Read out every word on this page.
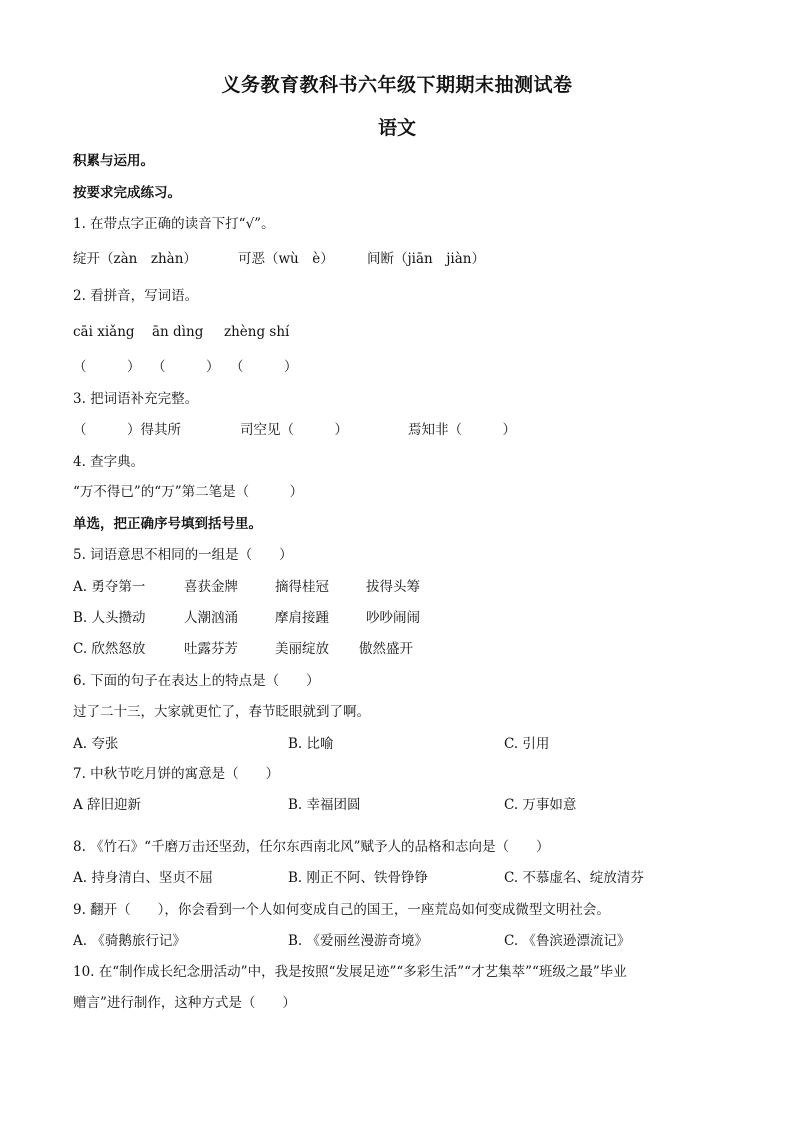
义务教育教科书六年级下期期末抽测试卷
语文
积累与运用。
按要求完成练习。
1. 在带点字正确的读音下打“√”。
绽开（zàn　zhàn）	可恶（wù　è） 间断（jiān　jiàn）
2. 看拼音，写词语。
cāi xiǎng ān dìng zhèng shí
（　　　） （　　　） （　　　）
3. 把词语补充完整。
（　　　）得其所	司空见（　　　）	焉知非（　　　）
4. 查字典。
“万不得已”的“万”第二笔是（　　　）
单选，把正确序号填到括号里。
5. 词语意思不相同的一组是（　　）
A. 勇夺第一	喜获金牌	摘得桂冠	拔得头筹
B. 人头攒动	人潮汹涌	摩肩接踵	吵吵闹闹
C. 欣然怒放	吐露芬芳	美丽绽放 傲然盛开
6. 下面的句子在表达上的特点是（　　）
过了二十三，大家就更忙了，春节眨眼就到了啊。
A. 夸张	B. 比喻	C. 引用
7. 中秋节吃月饼的寓意是（　　）
A 辞旧迎新	B. 幸福团圆	C. 万事如意
8. 《竹石》“千磨万击还坚劲，任尔东西南北风”赋予人的品格和志向是（　　）
A. 持身清白、坚贞不屈	B. 刚正不阿、铁骨铮铮	C. 不慕虚名、绽放清芬
9. 翻开（　　），你会看到一个人如何变成自己的国王，一座荒岛如何变成微型文明社会。
A. 《骑鹅旅行记》	B. 《爱丽丝漫游奇境》	C. 《鲁滨逊漂流记》
10. 在“制作成长纪念册活动”中，我是按照“发展足迹”“多彩生活”“才艺集萃”“班级之最”毕业
赠言”进行制作，这种方式是（　　）
